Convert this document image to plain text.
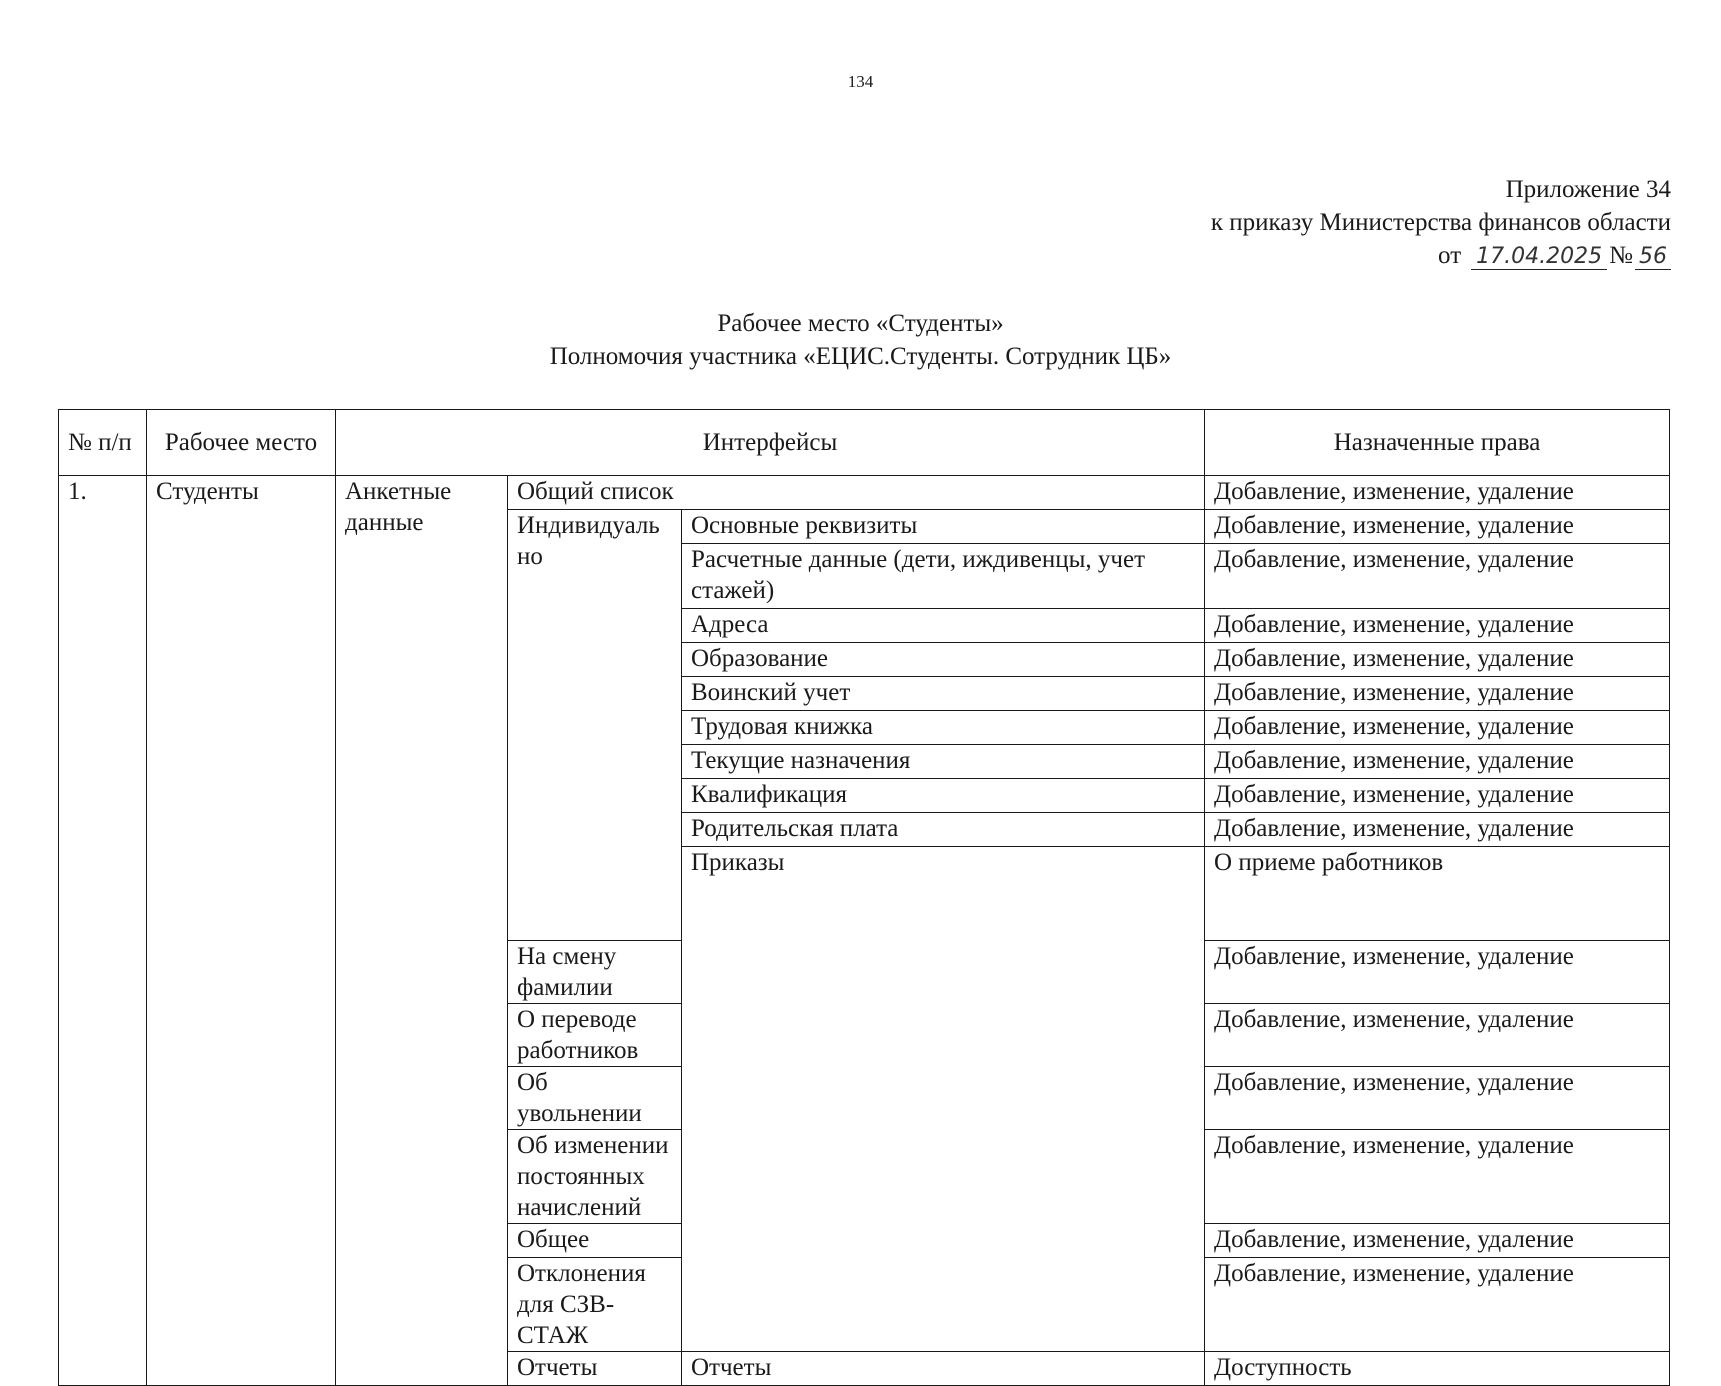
134
Приложение 34
к приказу Министерства финансов области
от 17.04.2025 № 56
Рабочее место «Студенты»
Полномочия участника «ЕЦИС.Студенты. Сотрудник ЦБ»
№ п/п	Рабочее место	Интерфейсы			Назначенные права	
1.	Студенты	Анкетные данные	Общий список		Добавление, изменение, удаление	
			Индивидуально	Основные реквизиты	Добавление, изменение, удаление	
				Расчетные данные (дети, иждивенцы, учет стажей)	Добавление, изменение, удаление	
				Адреса	Добавление, изменение, удаление	
				Образование	Добавление, изменение, удаление	
				Воинский учет	Добавление, изменение, удаление	
				Трудовая книжка	Добавление, изменение, удаление	
				Текущие назначения	Добавление, изменение, удаление	
				Квалификация	Добавление, изменение, удаление	
				Родительская плата	Добавление, изменение, удаление	
				Приказы	О приеме работников	
			На смену фамилии		Добавление, изменение, удаление	
			О переводе работников		Добавление, изменение, удаление	
			Об увольнении		Добавление, изменение, удаление	
			Об изменении постоянных начислений		Добавление, изменение, удаление	
			Общее		Добавление, изменение, удаление	
			Отклонения для СЗВ-СТАЖ		Добавление, изменение, удаление	
			Отчеты	Отчеты	Доступность	
